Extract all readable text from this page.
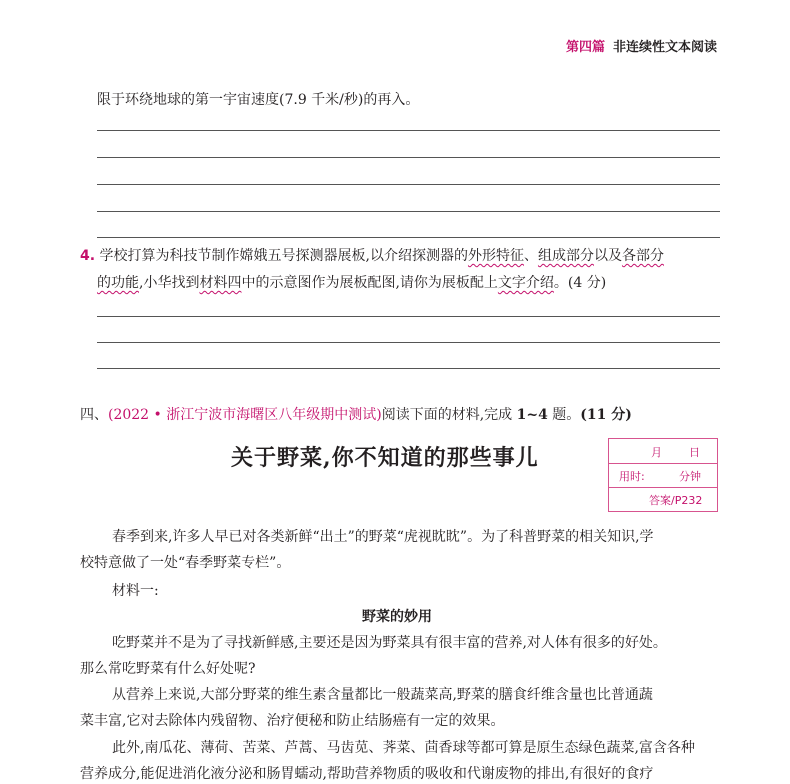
第四篇 非连续性文本阅读
限于环绕地球的第一宇宙速度(7.9 千米/秒)的再入。
4. 学校打算为科技节制作嫦娥五号探测器展板,以介绍探测器的外形特征、组成部分以及各部分
的功能,小华找到材料四中的示意图作为展板配图,请你为展板配上文字介绍。(4 分)
四、(2022 • 浙江宁波市海曙区八年级期中测试)阅读下面的材料,完成 1~4 题。(11 分)
关于野菜,你不知道的那些事儿	月 日
用时:	分钟
答案/P232
春季到来,许多人早已对各类新鲜“出土”的野菜“虎视眈眈”。为了科普野菜的相关知识,学
校特意做了一处“春季野菜专栏”。
材料一:
野菜的妙用
吃野菜并不是为了寻找新鲜感,主要还是因为野菜具有很丰富的营养,对人体有很多的好处。
那么常吃野菜有什么好处呢?
从营养上来说,大部分野菜的维生素含量都比一般蔬菜高,野菜的膳食纤维含量也比普通蔬
菜丰富,它对去除体内残留物、治疗便秘和防止结肠癌有一定的效果。
此外,南瓜花、薄荷、苦菜、芦蒿、马齿苋、荠菜、茴香球等都可算是原生态绿色蔬菜,富含各种
营养成分,能促进消化液分泌和肠胃蠕动,帮助营养物质的吸收和代谢废物的排出,有很好的食疗
